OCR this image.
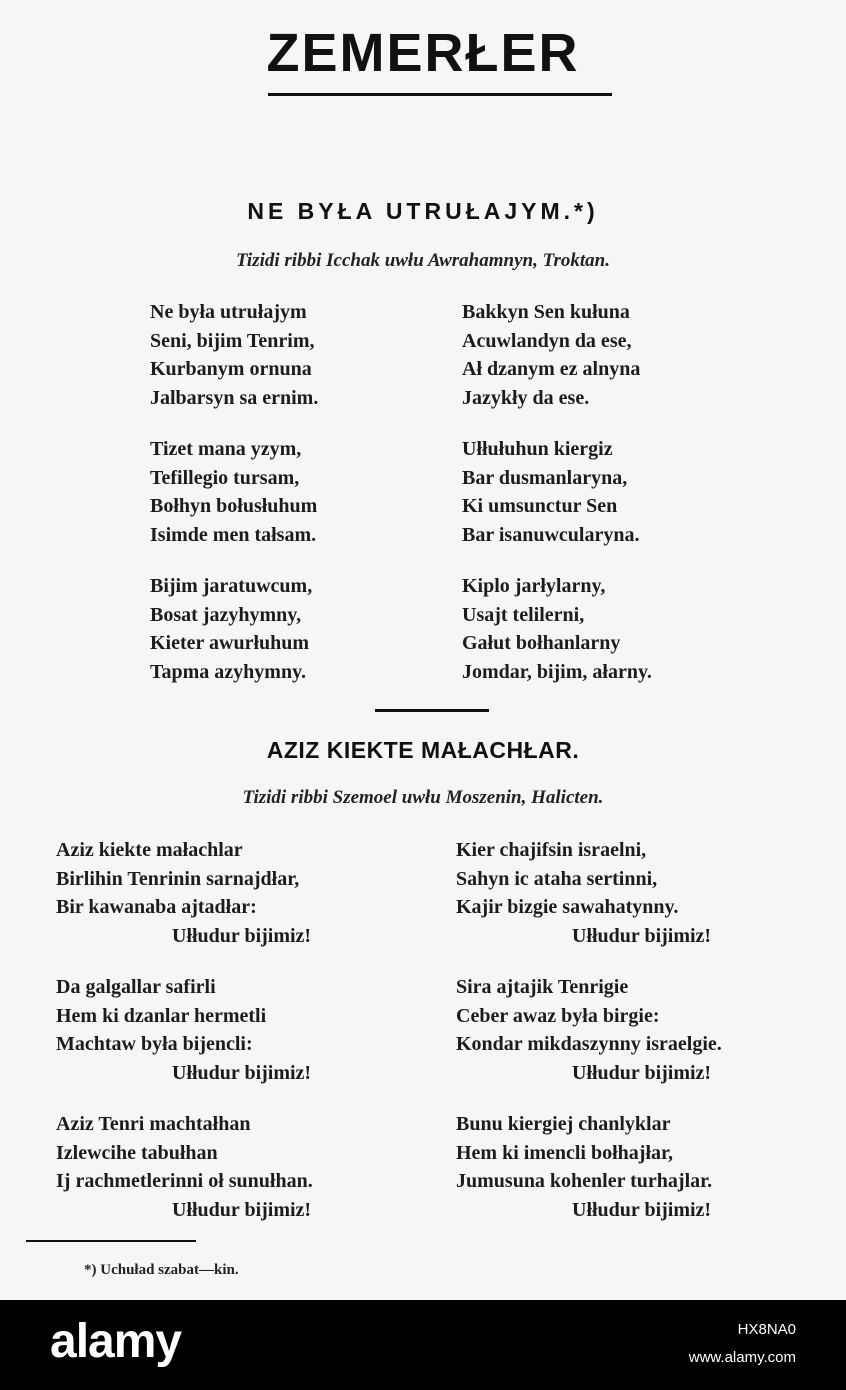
ZEMERŁER
NE BYŁA UTRUŁAJYM.*)
Tizidi ribbi Icchak uwłu Awrahamnyn, Troktan.
Ne była utrułajym
Seni, bijim Tenrim,
Kurbanym ornuna
Jalbarsyn sa ernim.
Tizet mana yzym,
Tefillegio tursam,
Bołhyn bołusłuhum
Isimde men tałsam.
Bijim jaratuwcum,
Bosat jazyhymny,
Kieter awurłuhum
Tapma azyhymny.
Bakkyn Sen kułuna
Acuwlandyn da ese,
Ał dzanym ez alnyna
Jazykły da ese.
Ułłułuhun kiergiz
Bar dusmanlaryna,
Ki umsunctur Sen
Bar isanuwcularyna.
Kiplo jarłylarny,
Usajt telilerni,
Gałut bołhanlarny
Jomdar, bijim, ałarny.
AZIZ KIEKTE MAŁACHŁAR.
Tizidi ribbi Szemoel uwłu Moszenin, Halicten.
Aziz kiekte małachlar
Birlihin Tenrinin sarnajdłar,
Bir kawanaba ajtadłar:
Ułłudur bijimiz!
Da galgallar safirli
Hem ki dzanlar hermetli
Machtaw była bijencli:
Ułłudur bijimiz!
Aziz Tenri machtałhan
Izlewcihe tabułhan
Ij rachmetlerinni oł sunułhan.
Ułłudur bijimiz!
Kier chajifsin israelni,
Sahyn ic ataha sertinni,
Kajir bizgie sawahatynny.
Ułłudur bijimiz!
Sira ajtajik Tenrigie
Ceber awaz była birgie:
Kondar mikdaszynny israelgie.
Ułłudur bijimiz!
Bunu kiergiej chanlyklar
Hem ki imencli bołhajłar,
Jumusuna kohenler turhajlar.
Ułłudur bijimiz!
*) Uchuład szabat—kin.
alamy	HX8NA0
www.alamy.com
